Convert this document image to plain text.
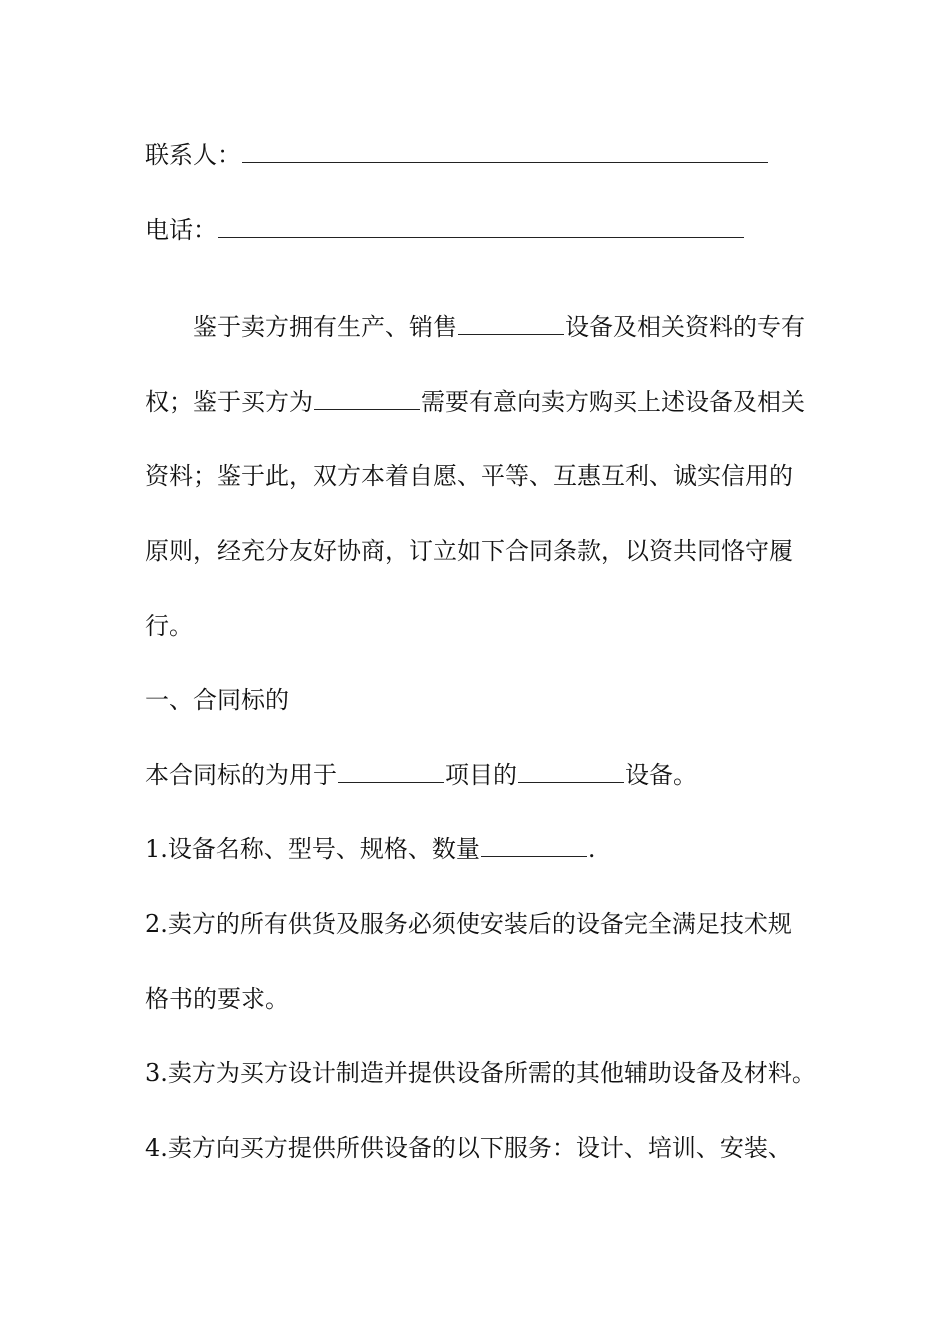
联系人：
电话：
鉴于卖方拥有生产、销售	设备及相关资料的专有
权；鉴于买方为	需要有意向卖方购买上述设备及相关
资料；鉴于此，双方本着自愿、平等、互惠互利、诚实信用的
原则，经充分友好协商，订立如下合同条款，以资共同恪守履
行。
一、合同标的
本合同标的为用于	项目的	设备。
1.设备名称、型号、规格、数量	.
2.卖方的所有供货及服务必须使安装后的设备完全满足技术规
格书的要求。
3.卖方为买方设计制造并提供设备所需的其他辅助设备及材料。
4.卖方向买方提供所供设备的以下服务：设计、培训、安装、
